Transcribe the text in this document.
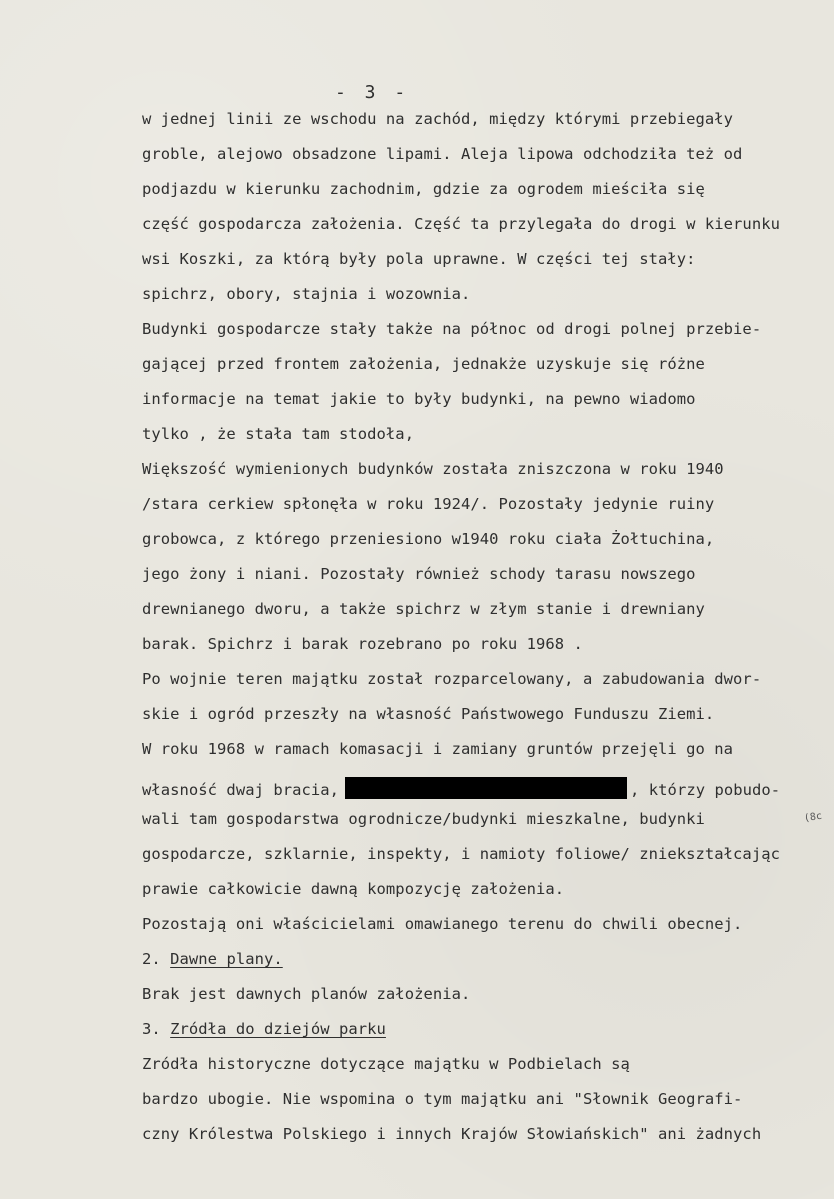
- 3 -
w jednej linii ze wschodu na zachód, między którymi przebiegały
groble, alejowo obsadzone lipami. Aleja lipowa odchodziła też od
podjazdu w kierunku zachodnim, gdzie za ogrodem mieściła się
część gospodarcza założenia. Część ta przylegała do drogi w kierunku
wsi Koszki, za którą były pola uprawne. W części tej stały:
spichrz, obory, stajnia i wozownia.
Budynki gospodarcze stały także na północ od drogi polnej przebie-
gającej przed frontem założenia, jednakże uzyskuje się różne
informacje na temat jakie to były budynki, na pewno wiadomo
tylko , że stała tam stodoła,
Większość wymienionych budynków została zniszczona w roku 1940
/stara cerkiew spłonęła w roku 1924/. Pozostały jedynie ruiny
grobowca, z którego przeniesiono w1940 roku ciała Żołtuchina,
jego żony i niani. Pozostały również schody tarasu nowszego
drewnianego dworu, a także spichrz w złym stanie i drewniany
barak. Spichrz i barak rozebrano po roku 1968 .
Po wojnie teren majątku został rozparcelowany, a zabudowania dwor-
skie i ogród przeszły na własność Państwowego Funduszu Ziemi.
W roku 1968 w ramach komasacji i zamiany gruntów przejęli go na
własność dwaj bracia,	, którzy pobudo-
wali tam gospodarstwa ogrodnicze/budynki mieszkalne, budynki
gospodarcze, szklarnie, inspekty, i namioty foliowe/ zniekształcając
prawie całkowicie dawną kompozycję założenia.
Pozostają oni właścicielami omawianego terenu do chwili obecnej.
2. Dawne plany.
Brak jest dawnych planów założenia.
3. Zródła do dziejów parku
Zródła historyczne dotyczące majątku w Podbielach są
bardzo ubogie. Nie wspomina o tym majątku ani "Słownik Geografi-
czny Królestwa Polskiego i innych Krajów Słowiańskich" ani żadnych
(8c
